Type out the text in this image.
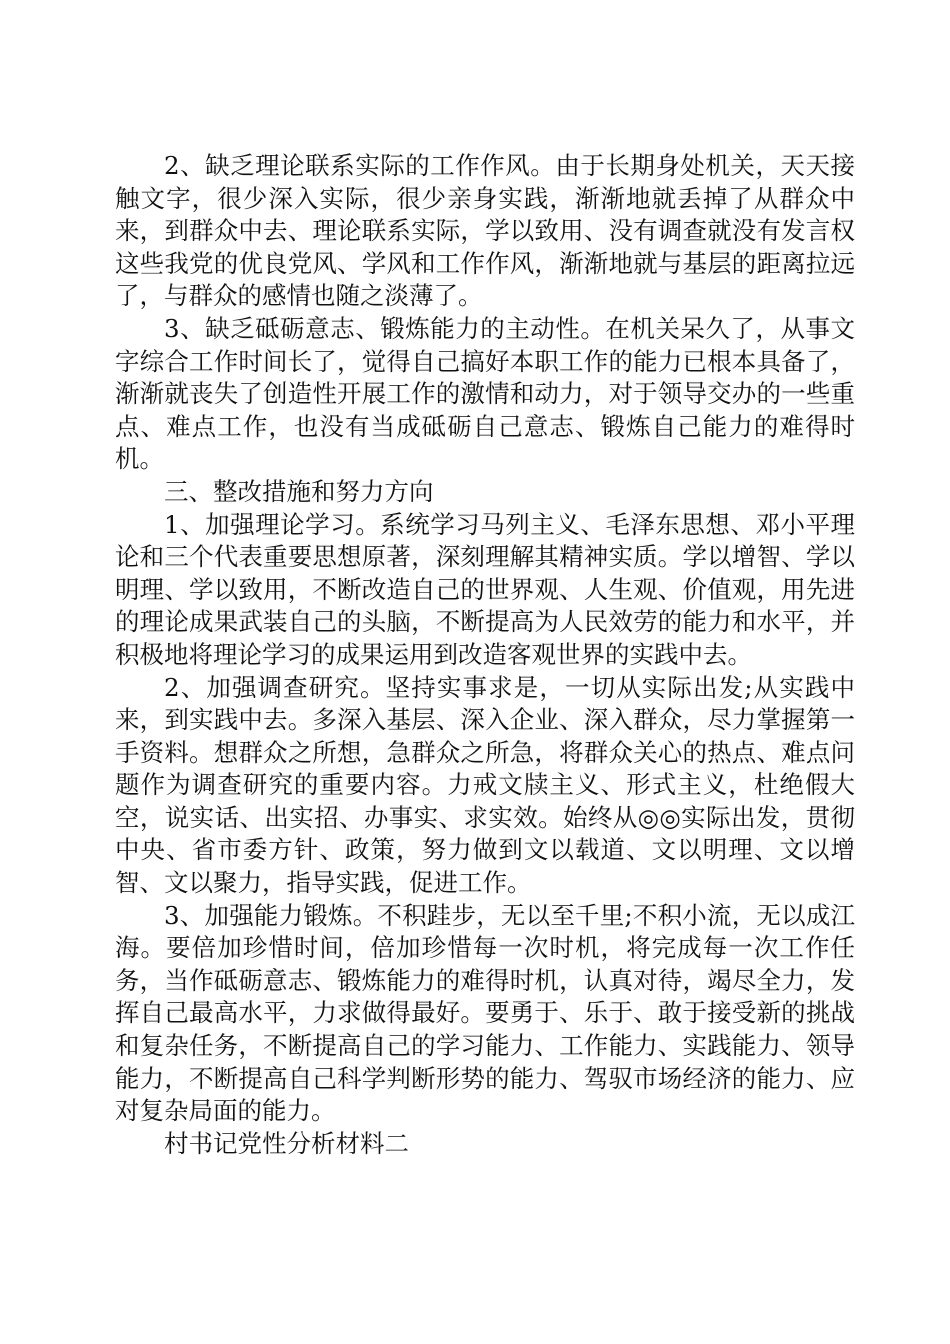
2、缺乏理论联系实际的工作作风。由于长期身处机关，天天接触文字，很少深入实际，很少亲身实践，渐渐地就丢掉了从群众中来，到群众中去、理论联系实际，学以致用、没有调查就没有发言权这些我党的优良党风、学风和工作作风，渐渐地就与基层的距离拉远了，与群众的感情也随之淡薄了。

3、缺乏砥砺意志、锻炼能力的主动性。在机关呆久了，从事文字综合工作时间长了，觉得自己搞好本职工作的能力已根本具备了，渐渐就丧失了创造性开展工作的激情和动力，对于领导交办的一些重点、难点工作，也没有当成砥砺自己意志、锻炼自己能力的难得时机。

三、整改措施和努力方向

1、加强理论学习。系统学习马列主义、毛泽东思想、邓小平理论和三个代表重要思想原著，深刻理解其精神实质。学以增智、学以明理、学以致用，不断改造自己的世界观、人生观、价值观，用先进的理论成果武装自己的头脑，不断提高为人民效劳的能力和水平，并积极地将理论学习的成果运用到改造客观世界的实践中去。

2、加强调查研究。坚持实事求是，一切从实际出发;从实践中来，到实践中去。多深入基层、深入企业、深入群众，尽力掌握第一手资料。想群众之所想，急群众之所急，将群众关心的热点、难点问题作为调查研究的重要内容。力戒文牍主义、形式主义，杜绝假大空，说实话、出实招、办事实、求实效。始终从◎◎实际出发，贯彻中央、省市委方针、政策，努力做到文以载道、文以明理、文以增智、文以聚力，指导实践，促进工作。

3、加强能力锻炼。不积跬步，无以至千里;不积小流，无以成江海。要倍加珍惜时间，倍加珍惜每一次时机，将完成每一次工作任务，当作砥砺意志、锻炼能力的难得时机，认真对待，竭尽全力，发挥自己最高水平，力求做得最好。要勇于、乐于、敢于接受新的挑战和复杂任务，不断提高自己的学习能力、工作能力、实践能力、领导能力，不断提高自己科学判断形势的能力、驾驭市场经济的能力、应对复杂局面的能力。

村书记党性分析材料二
